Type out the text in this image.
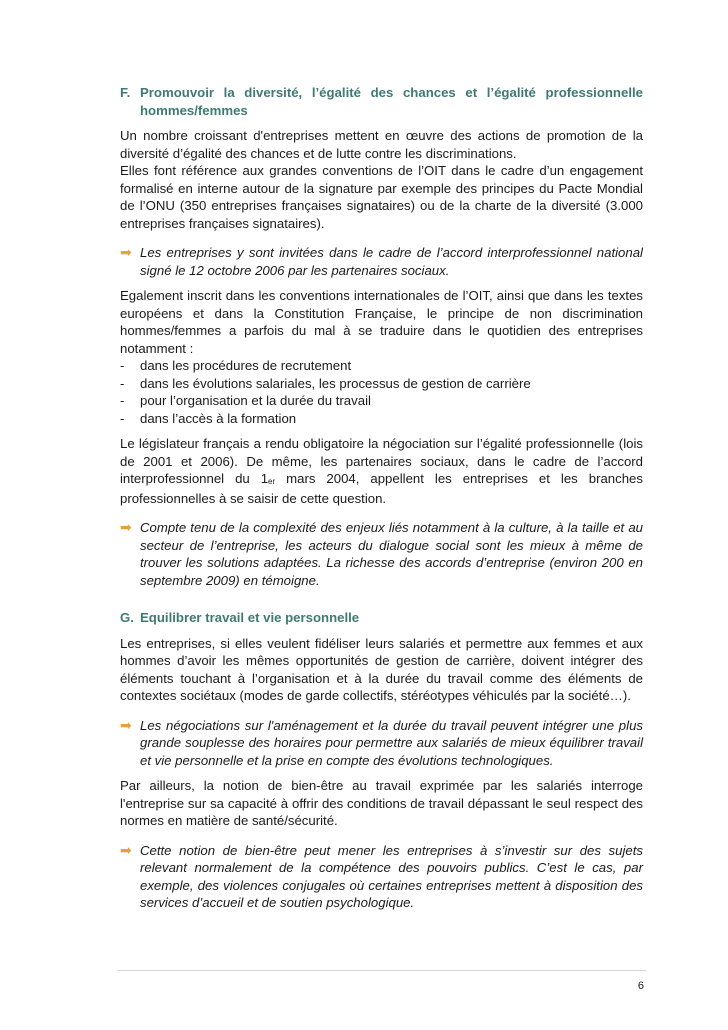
F. Promouvoir la diversité, l’égalité des chances et l’égalité professionnelle hommes/femmes

Un nombre croissant d'entreprises mettent en œuvre des actions de promotion de la diversité d’égalité des chances et de lutte contre les discriminations.

Elles font référence aux grandes conventions de l’OIT dans le cadre d’un engagement formalisé en interne autour de la signature par exemple des principes du Pacte Mondial de l’ONU (350 entreprises françaises signataires) ou de la charte de la diversité (3.000 entreprises françaises signataires).

➡ Les entreprises y sont invitées dans le cadre de l’accord interprofessionnel national signé le 12 octobre 2006 par les partenaires sociaux.

Egalement inscrit dans les conventions internationales de l’OIT, ainsi que dans les textes européens et dans la Constitution Française, le principe de non discrimination hommes/femmes a parfois du mal à se traduire dans le quotidien des entreprises notamment :

-	dans les procédures de recrutement
-	dans les évolutions salariales, les processus de gestion de carrière
-	pour l’organisation et la durée du travail
-	dans l’accès à la formation

Le législateur français a rendu obligatoire la négociation sur l’égalité professionnelle (lois de 2001 et 2006). De même, les partenaires sociaux, dans le cadre de l’accord interprofessionnel du $1_{er}$ mars 2004, appellent les entreprises et les branches professionnelles à se saisir de cette question.

➡ Compte tenu de la complexité des enjeux liés notamment à la culture, à la taille et au secteur de l’entreprise, les acteurs du dialogue social sont les mieux à même de trouver les solutions adaptées. La richesse des accords d’entreprise (environ 200 en septembre 2009) en témoigne.
G. Equilibrer travail et vie personnelle

Les entreprises, si elles veulent fidéliser leurs salariés et permettre aux femmes et aux hommes d’avoir les mêmes opportunités de gestion de carrière, doivent intégrer des éléments touchant à l’organisation et à la durée du travail comme des éléments de contextes sociétaux (modes de garde collectifs, stéréotypes véhiculés par la société…).

➡ Les négociations sur l'aménagement et la durée du travail peuvent intégrer une plus grande souplesse des horaires pour permettre aux salariés de mieux équilibrer travail et vie personnelle et la prise en compte des évolutions technologiques.

Par ailleurs, la notion de bien-être au travail exprimée par les salariés interroge l'entreprise sur sa capacité à offrir des conditions de travail dépassant le seul respect des normes en matière de santé/sécurité.

➡ Cette notion de bien-être peut mener les entreprises à s’investir sur des sujets relevant normalement de la compétence des pouvoirs publics. C’est le cas, par exemple, des violences conjugales où certaines entreprises mettent à disposition des services d’accueil et de soutien psychologique.
6
